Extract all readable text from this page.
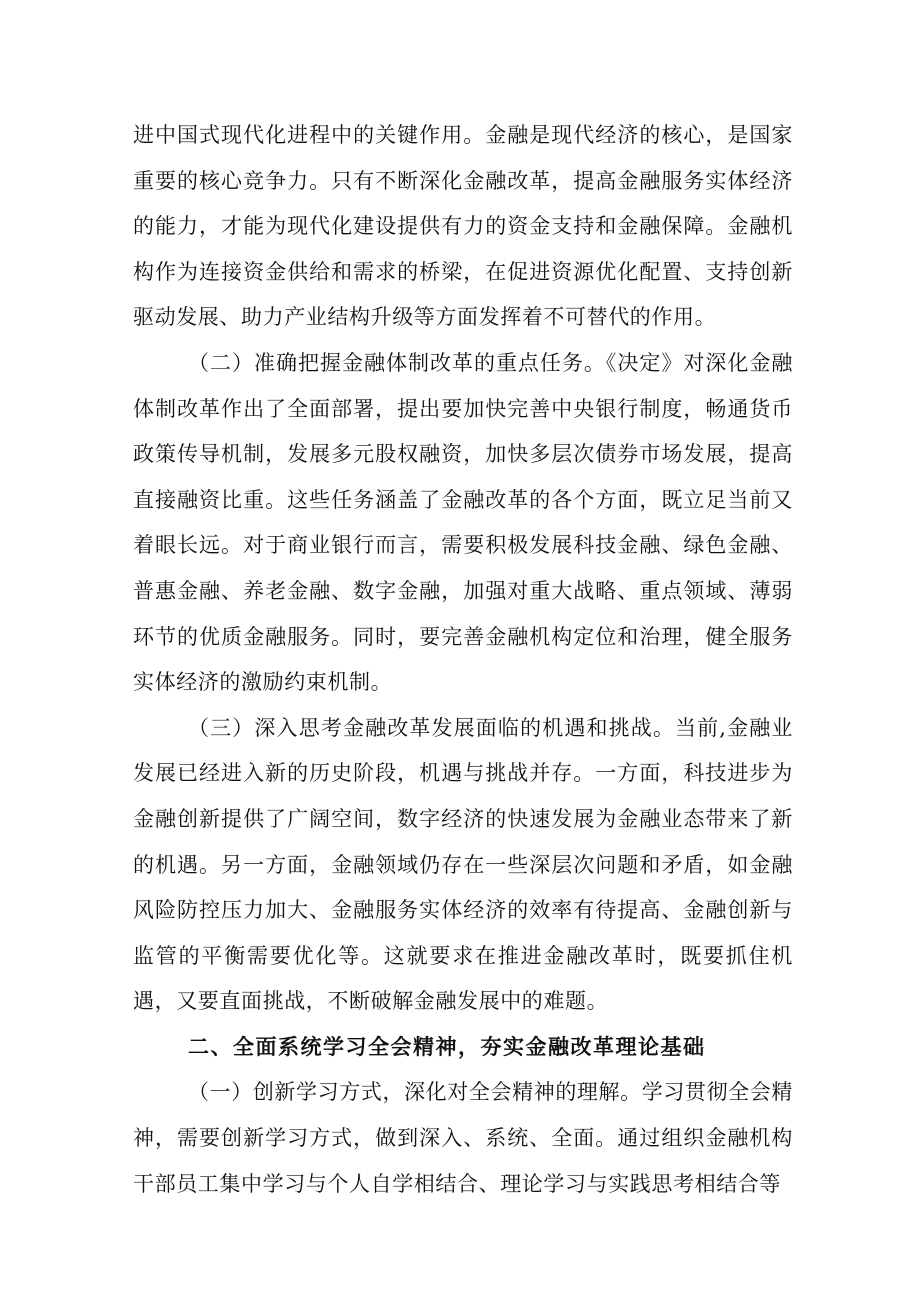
进中国式现代化进程中的关键作用。金融是现代经济的核心，是国家重要的核心竞争力。只有不断深化金融改革，提高金融服务实体经济的能力，才能为现代化建设提供有力的资金支持和金融保障。金融机构作为连接资金供给和需求的桥梁，在促进资源优化配置、支持创新驱动发展、助力产业结构升级等方面发挥着不可替代的作用。

（二）准确把握金融体制改革的重点任务。《决定》对深化金融体制改革作出了全面部署，提出要加快完善中央银行制度，畅通货币政策传导机制，发展多元股权融资，加快多层次债券市场发展，提高直接融资比重。这些任务涵盖了金融改革的各个方面，既立足当前又着眼长远。对于商业银行而言，需要积极发展科技金融、绿色金融、普惠金融、养老金融、数字金融，加强对重大战略、重点领域、薄弱环节的优质金融服务。同时，要完善金融机构定位和治理，健全服务实体经济的激励约束机制。

（三）深入思考金融改革发展面临的机遇和挑战。当前,金融业发展已经进入新的历史阶段，机遇与挑战并存。一方面，科技进步为金融创新提供了广阔空间，数字经济的快速发展为金融业态带来了新的机遇。另一方面，金融领域仍存在一些深层次问题和矛盾，如金融风险防控压力加大、金融服务实体经济的效率有待提高、金融创新与监管的平衡需要优化等。这就要求在推进金融改革时，既要抓住机遇，又要直面挑战，不断破解金融发展中的难题。

二、全面系统学习全会精神，夯实金融改革理论基础

（一）创新学习方式，深化对全会精神的理解。学习贯彻全会精神，需要创新学习方式，做到深入、系统、全面。通过组织金融机构干部员工集中学习与个人自学相结合、理论学习与实践思考相结合等
